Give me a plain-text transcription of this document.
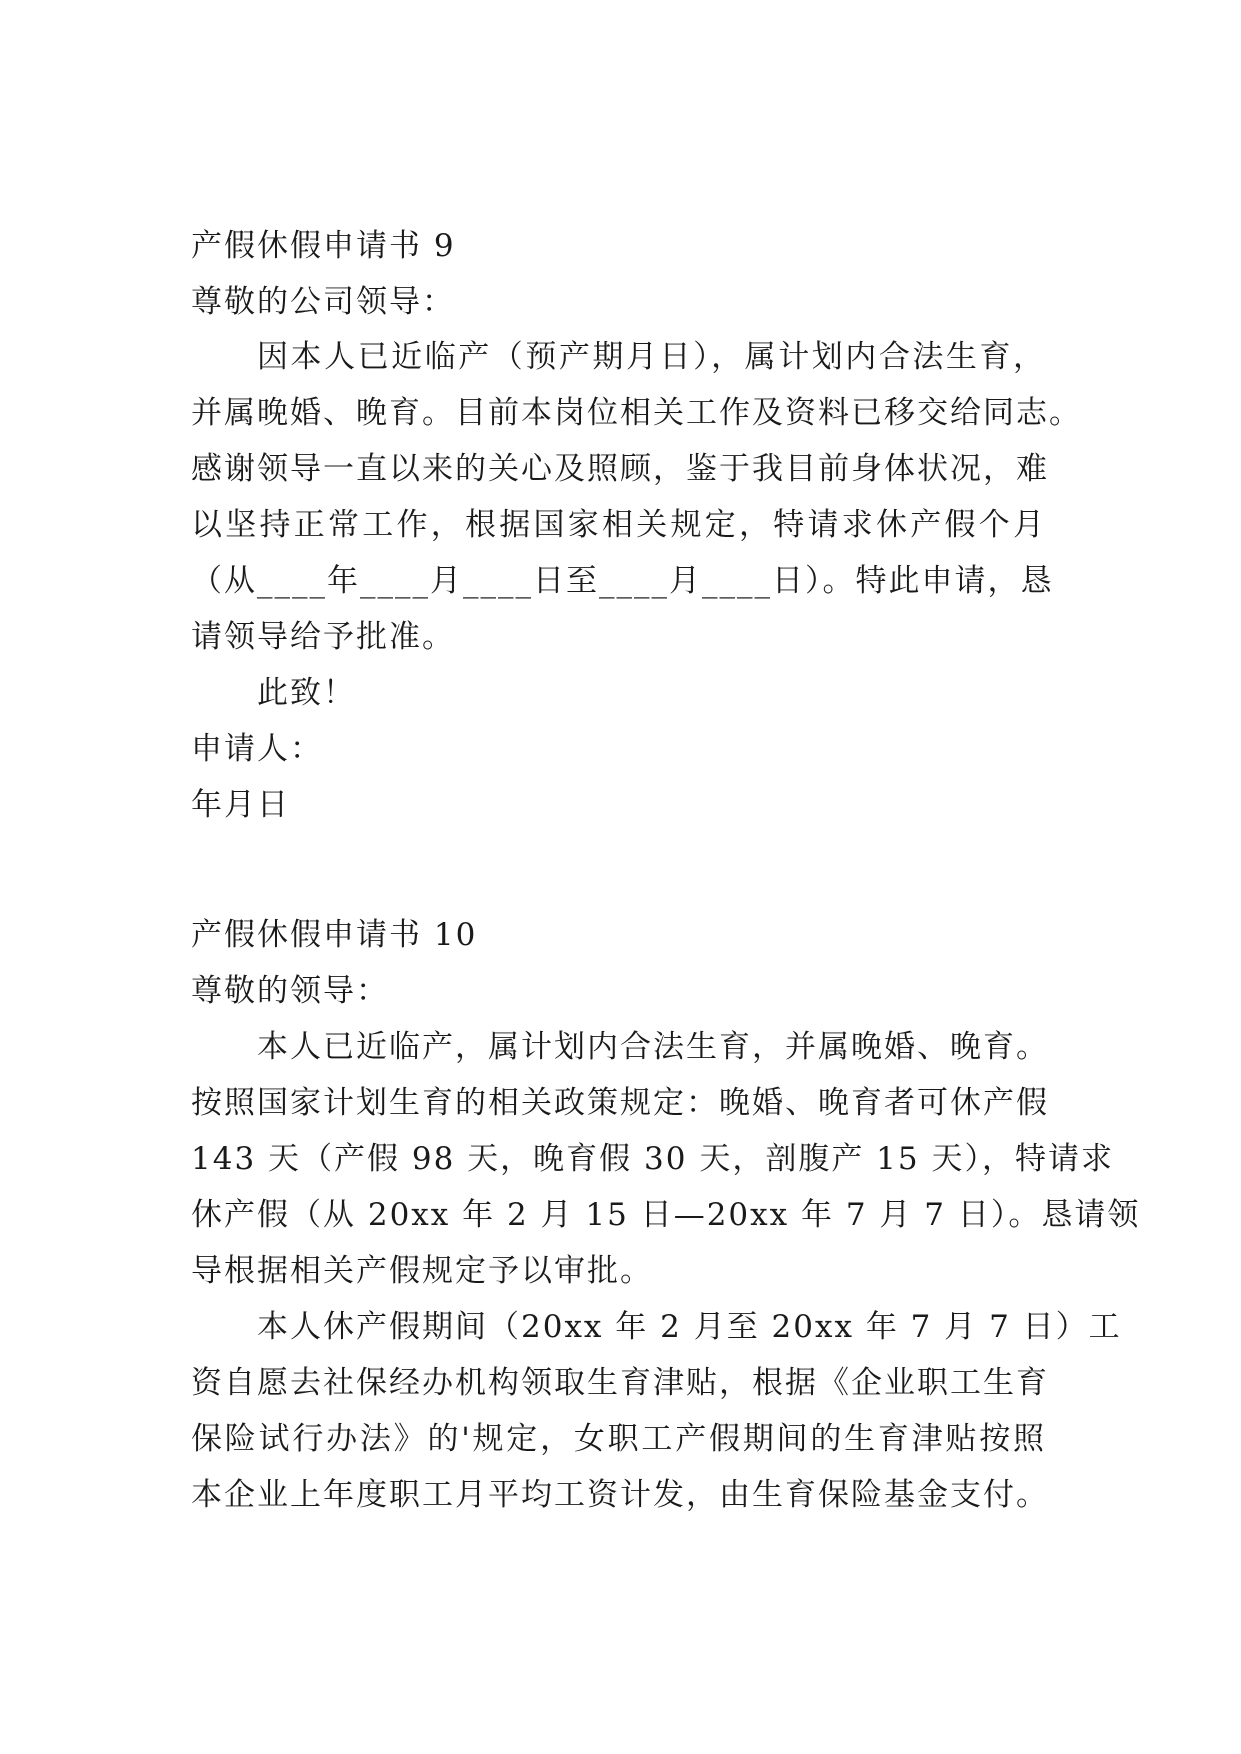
产假休假申请书 9
尊敬的公司领导：
因本人已近临产（预产期月日），属计划内合法生育，
并属晚婚、晚育。目前本岗位相关工作及资料已移交给同志。
感谢领导一直以来的关心及照顾，鉴于我目前身体状况，难
以坚持正常工作，根据国家相关规定，特请求休产假个月
（从____年____月____日至____月____日）。特此申请，恳
请领导给予批准。
此致！
申请人：
年月日
产假休假申请书 10
尊敬的领导：
本人已近临产，属计划内合法生育，并属晚婚、晚育。
按照国家计划生育的相关政策规定：晚婚、晚育者可休产假
143 天（产假 98 天，晚育假 30 天，剖腹产 15 天），特请求
休产假（从 20xx 年 2 月 15 日—20xx 年 7 月 7 日）。恳请领
导根据相关产假规定予以审批。
本人休产假期间（20xx 年 2 月至 20xx 年 7 月 7 日）工
资自愿去社保经办机构领取生育津贴，根据《企业职工生育
保险试行办法》的'规定，女职工产假期间的生育津贴按照
本企业上年度职工月平均工资计发，由生育保险基金支付。
